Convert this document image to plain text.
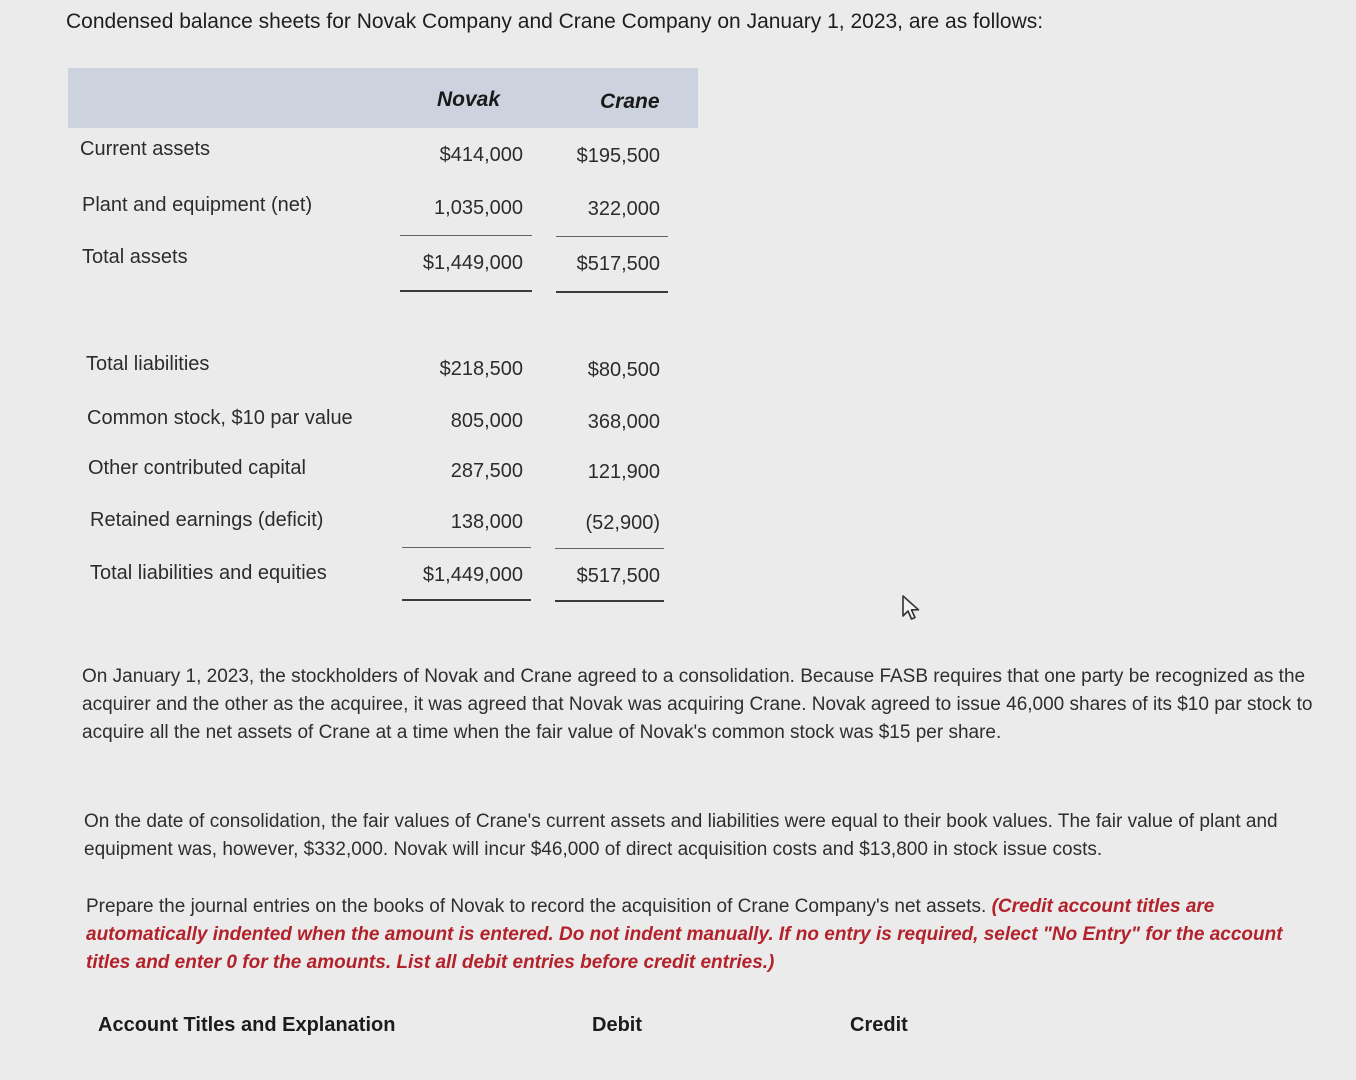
Condensed balance sheets for Novak Company and Crane Company on January 1, 2023, are as follows:
Novak	Crane
Current assets	$414,000	$195,500
Plant and equipment (net)	1,035,000	322,000
Total assets	$1,449,000	$517,500
Total liabilities	$218,500	$80,500
Common stock, $10 par value	805,000	368,000
Other contributed capital	287,500	121,900
Retained earnings (deficit)	138,000	(52,900)
Total liabilities and equities	$1,449,000	$517,500
On January 1, 2023, the stockholders of Novak and Crane agreed to a consolidation. Because FASB requires that one party be recognized as the acquirer and the other as the acquiree, it was agreed that Novak was acquiring Crane. Novak agreed to issue 46,000 shares of its $10 par stock to acquire all the net assets of Crane at a time when the fair value of Novak's common stock was $15 per share.
On the date of consolidation, the fair values of Crane's current assets and liabilities were equal to their book values. The fair value of plant and equipment was, however, $332,000. Novak will incur $46,000 of direct acquisition costs and $13,800 in stock issue costs.
Prepare the journal entries on the books of Novak to record the acquisition of Crane Company's net assets. (Credit account titles are automatically indented when the amount is entered. Do not indent manually. If no entry is required, select "No Entry" for the account titles and enter 0 for the amounts. List all debit entries before credit entries.)
Account Titles and Explanation	Debit	Credit
